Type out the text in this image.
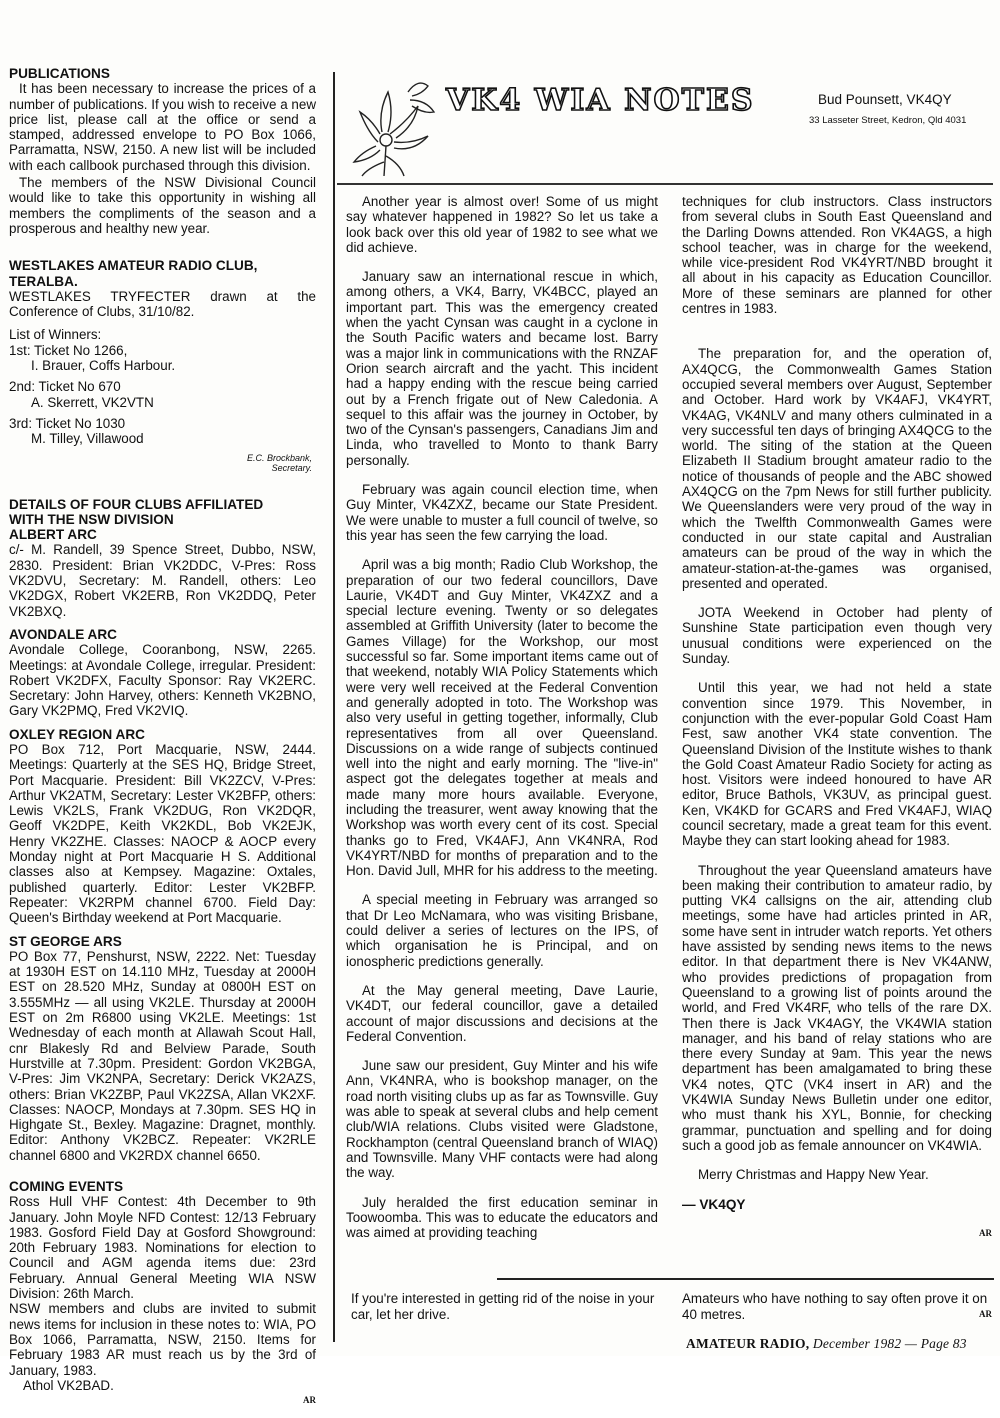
PUBLICATIONS

It has been necessary to increase the prices of a number of publications. If you wish to receive a new price list, please call at the office or send a stamped, addressed envelope to PO Box 1066, Parramatta, NSW, 2150. A new list will be included with each callbook purchased through this division.

The members of the NSW Divisional Council would like to take this opportunity in wishing all members the compliments of the season and a prosperous and healthy new year.

WESTLAKES AMATEUR RADIO CLUB,

TERALBA.

WESTLAKES TRYFECTER drawn at the Conference of Clubs, 31/10/82.

List of Winners:

1st: Ticket No 1266,

I. Brauer, Coffs Harbour.

2nd: Ticket No 670

A. Skerrett, VK2VTN

3rd: Ticket No 1030

M. Tilley, Villawood

E.C. Brockbank,
Secretary.

DETAILS OF FOUR CLUBS AFFILIATED

WITH THE NSW DIVISION

ALBERT ARC

c/- M. Randell, 39 Spence Street, Dubbo, NSW, 2830. President: Brian VK2DDC, V-Pres: Ross VK2DVU, Secretary: M. Randell, others: Leo VK2DGX, Robert VK2ERB, Ron VK2DDQ, Peter VK2BXQ.

AVONDALE ARC

Avondale College, Cooranbong, NSW, 2265. Meetings: at Avondale College, irregular. President: Robert VK2DFX, Faculty Sponsor: Ray VK2ERC. Secretary: John Harvey, others: Kenneth VK2BNO, Gary VK2PMQ, Fred VK2VIQ.

OXLEY REGION ARC

PO Box 712, Port Macquarie, NSW, 2444. Meetings: Quarterly at the SES HQ, Bridge Street, Port Macquarie. President: Bill VK2ZCV, V-Pres: Arthur VK2ATM, Secretary: Lester VK2BFP, others: Lewis VK2LS, Frank VK2DUG, Ron VK2DQR, Geoff VK2DPE, Keith VK2KDL, Bob VK2EJK, Henry VK2ZHE. Classes: NAOCP & AOCP every Monday night at Port Macquarie H S. Additional classes also at Kempsey. Magazine: Oxtales, published quarterly. Editor: Lester VK2BFP. Repeater: VK2RPM channel 6700. Field Day: Queen's Birthday weekend at Port Macquarie.

ST GEORGE ARS

PO Box 77, Penshurst, NSW, 2222. Net: Tuesday at 1930H EST on 14.110 MHz, Tuesday at 2000H EST on 28.520 MHz, Sunday at 0800H EST on 3.555MHz — all using VK2LE. Thursday at 2000H EST on 2m R6800 using VK2LE. Meetings: 1st Wednesday of each month at Allawah Scout Hall, cnr Blakesly Rd and Belview Parade, South Hurstville at 7.30pm. President: Gordon VK2BGA, V-Pres: Jim VK2NPA, Secretary: Derick VK2AZS, others: Brian VK2ZBP, Paul VK2ZSA, Allan VK2XF. Classes: NAOCP, Mondays at 7.30pm. SES HQ in Highgate St., Bexley. Magazine: Dragnet, monthly. Editor: Anthony VK2BCZ. Repeater: VK2RLE channel 6800 and VK2RDX channel 6650.

COMING EVENTS

Ross Hull VHF Contest: 4th December to 9th January. John Moyle NFD Contest: 12/13 February 1983. Gosford Field Day at Gosford Showground: 20th February 1983. Nominations for election to Council and AGM agenda items due: 23rd February. Annual General Meeting WIA NSW Division: 26th March.

NSW members and clubs are invited to submit news items for inclusion in these notes to: WIA, PO Box 1066, Parramatta, NSW, 2150. Items for February 1983 AR must reach us by the 3rd of January, 1983.

Athol VK2BAD.

AR
VK4 WIA NOTES	Bud Pounsett, VK4QY
33 Lasseter Street, Kedron, Qld 4031

Another year is almost over! Some of us might say whatever happened in 1982? So let us take a look back over this old year of 1982 to see what we did achieve.

January saw an international rescue in which, among others, a VK4, Barry, VK4BCC, played an important part. This was the emergency created when the yacht Cynsan was caught in a cyclone in the South Pacific waters and became lost. Barry was a major link in communications with the RNZAF Orion search aircraft and the yacht. This incident had a happy ending with the rescue being carried out by a French frigate out of New Caledonia. A sequel to this affair was the journey in October, by two of the Cynsan's passengers, Canadians Jim and Linda, who travelled to Monto to thank Barry personally.

February was again council election time, when Guy Minter, VK4ZXZ, became our State President. We were unable to muster a full council of twelve, so this year has seen the few carrying the load.

April was a big month; Radio Club Workshop, the preparation of our two federal councillors, Dave Laurie, VK4DT and Guy Minter, VK4ZXZ and a special lecture evening. Twenty or so delegates assembled at Griffith University (later to become the Games Village) for the Workshop, our most successful so far. Some important items came out of that weekend, notably WIA Policy Statements which were very well received at the Federal Convention and generally adopted in toto. The Workshop was also very useful in getting together, informally, Club representatives from all over Queensland. Discussions on a wide range of subjects continued well into the night and early morning. The "live-in" aspect got the delegates together at meals and made many more hours available. Everyone, including the treasurer, went away knowing that the Workshop was worth every cent of its cost. Special thanks go to Fred, VK4AFJ, Ann VK4NRA, Rod VK4YRT/NBD for months of preparation and to the Hon. David Jull, MHR for his address to the meeting.

A special meeting in February was arranged so that Dr Leo McNamara, who was visiting Brisbane, could deliver a series of lectures on the IPS, of which organisation he is Principal, and on ionospheric predictions generally.

At the May general meeting, Dave Laurie, VK4DT, our federal councillor, gave a detailed account of major discussions and decisions at the Federal Convention.

June saw our president, Guy Minter and his wife Ann, VK4NRA, who is bookshop manager, on the road north visiting clubs up as far as Townsville. Guy was able to speak at several clubs and help cement club/WIA relations. Clubs visited were Gladstone, Rockhampton (central Queensland branch of WIAQ) and Townsville. Many VHF contacts were had along the way.

July heralded the first education seminar in Toowoomba. This was to educate the educators and was aimed at providing teaching

techniques for club instructors. Class instructors from several clubs in South East Queensland and the Darling Downs attended. Ron VK4AGS, a high school teacher, was in charge for the weekend, while vice-president Rod VK4YRT/NBD brought it all about in his capacity as Education Councillor. More of these seminars are planned for other centres in 1983.

The preparation for, and the operation of, AX4QCG, the Commonwealth Games Station occupied several members over August, September and October. Hard work by VK4AFJ, VK4YRT, VK4AG, VK4NLV and many others culminated in a very successful ten days of bringing AX4QCG to the world. The siting of the station at the Queen Elizabeth II Stadium brought amateur radio to the notice of thousands of people and the ABC showed AX4QCG on the 7pm News for still further publicity. We Queenslanders were very proud of the way in which the Twelfth Commonwealth Games were conducted in our state capital and Australian amateurs can be proud of the way in which the amateur-station-at-the-games was organised, presented and operated.

JOTA Weekend in October had plenty of Sunshine State participation even though very unusual conditions were experienced on the Sunday.

Until this year, we had not held a state convention since 1979. This November, in conjunction with the ever-popular Gold Coast Ham Fest, saw another VK4 state convention. The Queensland Division of the Institute wishes to thank the Gold Coast Amateur Radio Society for acting as host. Visitors were indeed honoured to have AR editor, Bruce Bathols, VK3UV, as principal guest. Ken, VK4KD for GCARS and Fred VK4AFJ, WIAQ council secretary, made a great team for this event. Maybe they can start looking ahead for 1983.

Throughout the year Queensland amateurs have been making their contribution to amateur radio, by putting VK4 callsigns on the air, attending club meetings, some have had articles printed in AR, some have sent in intruder watch reports. Yet others have assisted by sending news items to the news editor. In that department there is Nev VK4ANW, who provides predictions of propagation from Queensland to a growing list of points around the world, and Fred VK4RF, who tells of the rare DX. Then there is Jack VK4AGY, the VK4WIA station manager, and his band of relay stations who are there every Sunday at 9am. This year the news department has been amalgamated to bring these VK4 notes, QTC (VK4 insert in AR) and the VK4WIA Sunday News Bulletin under one editor, who must thank his XYL, Bonnie, for checking grammar, punctuation and spelling and for doing such a good job as female announcer on VK4WIA.

Merry Christmas and Happy New Year.

— VK4QY

AR
If you're interested in getting rid of the noise in your car, let her drive.
Amateurs who have nothing to say often prove it on 40 metres.	AR
AMATEUR RADIO, December 1982 — Page 83
